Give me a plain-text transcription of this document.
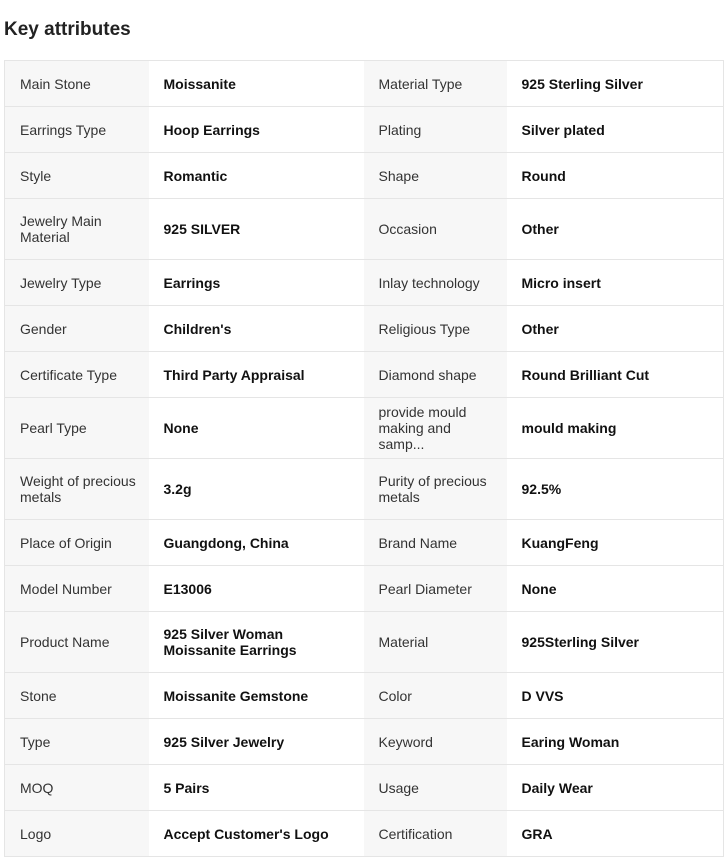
Key attributes
Main Stone	Moissanite	Material Type	925 Sterling Silver
Earrings Type	Hoop Earrings	Plating	Silver plated
Style	Romantic	Shape	Round
Jewelry Main Material	925 SILVER	Occasion	Other
Jewelry Type	Earrings	Inlay technology	Micro insert
Gender	Children's	Religious Type	Other
Certificate Type	Third Party Appraisal	Diamond shape	Round Brilliant Cut
Pearl Type	None	provide mould making and samp...	mould making
Weight of precious metals	3.2g	Purity of precious metals	92.5%
Place of Origin	Guangdong, China	Brand Name	KuangFeng
Model Number	E13006	Pearl Diameter	None
Product Name	925 Silver Woman Moissanite Earrings	Material	925Sterling Silver
Stone	Moissanite Gemstone	Color	D VVS
Type	925 Silver Jewelry	Keyword	Earing Woman
MOQ	5 Pairs	Usage	Daily Wear
Logo	Accept Customer's Logo	Certification	GRA
